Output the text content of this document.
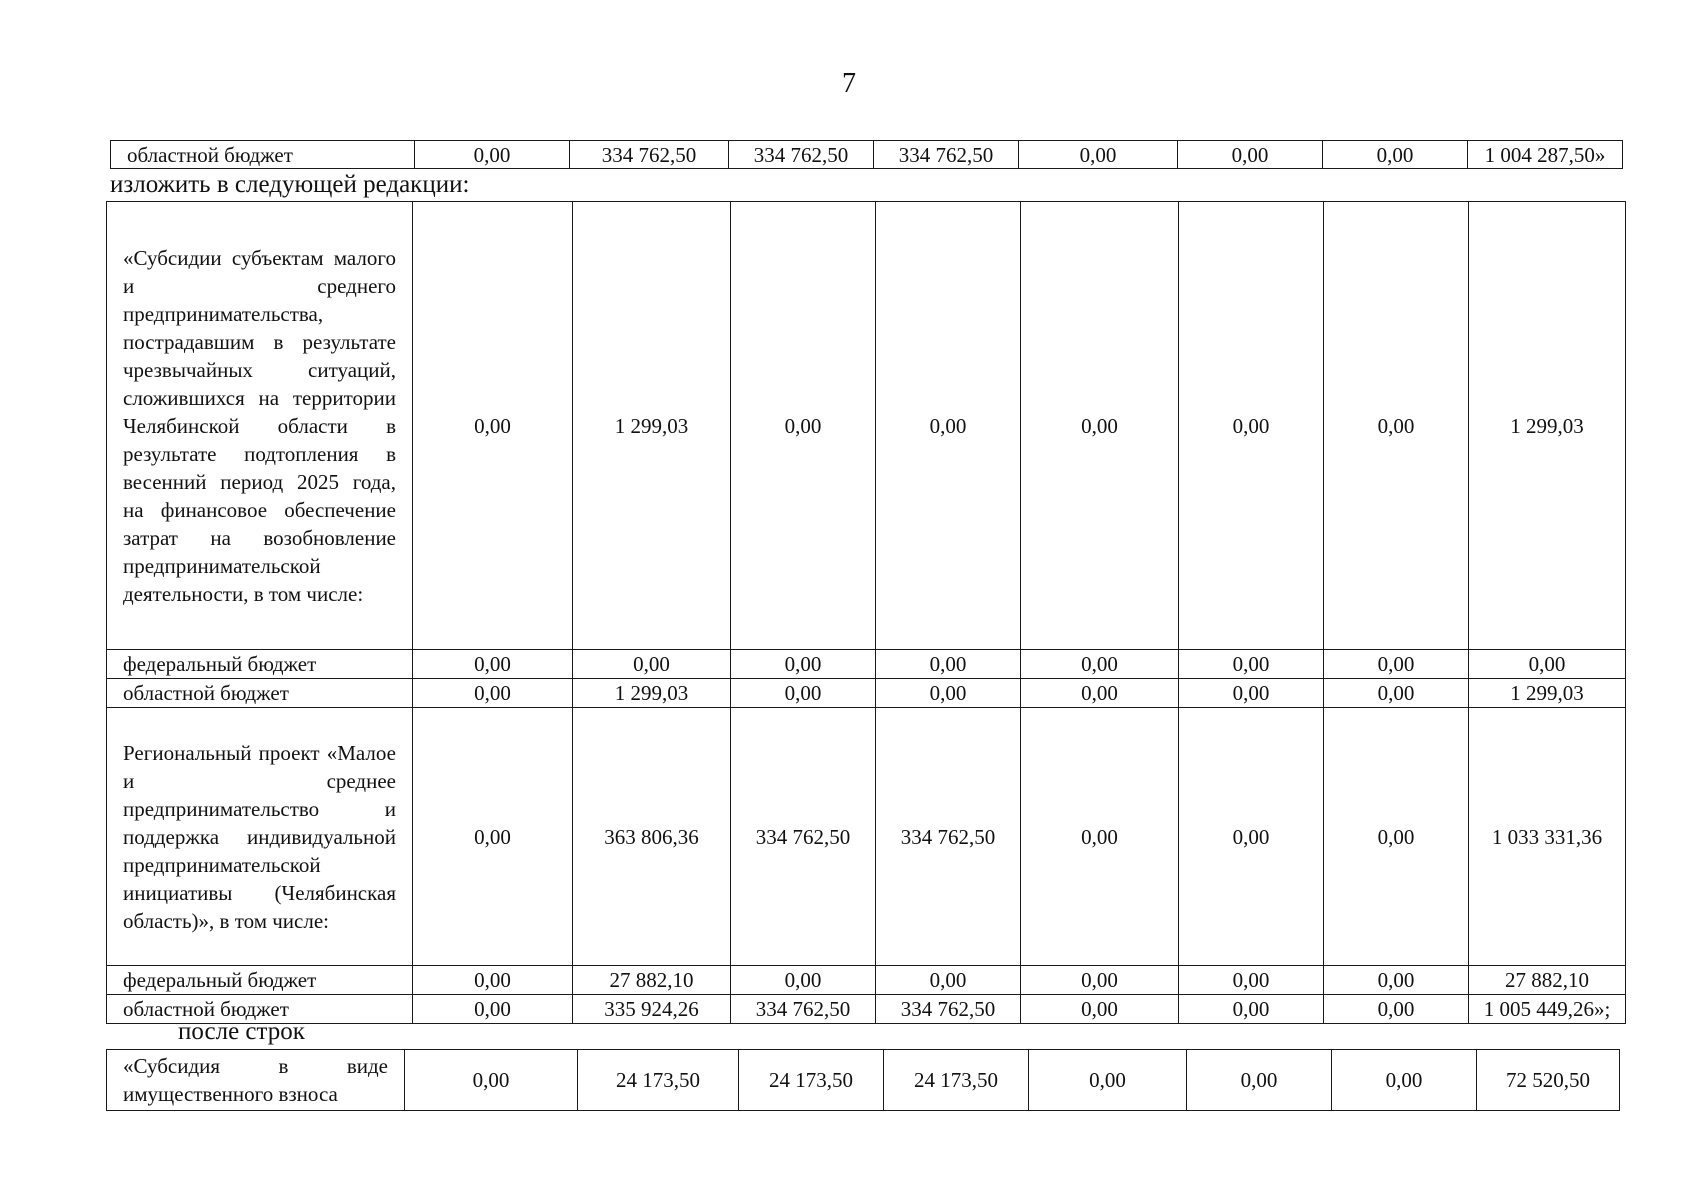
7
областной бюджет	0,00	334 762,50	334 762,50	334 762,50	0,00	0,00	0,00	1 004 287,50»
изложить в следующей редакции:
«Субсидии субъектам малого и среднего предпринимательства, пострадавшим в результате чрезвычайных ситуаций, сложившихся на территории Челябинской области в результате подтопления в весенний период 2025 года, на финансовое обеспечение затрат на возобновление предпринимательской деятельности, в том числе:	0,00	1 299,03	0,00	0,00	0,00	0,00	0,00	1 299,03
федеральный бюджет	0,00	0,00	0,00	0,00	0,00	0,00	0,00	0,00
областной бюджет	0,00	1 299,03	0,00	0,00	0,00	0,00	0,00	1 299,03
Региональный проект «Малое и среднее предпринимательство и поддержка индивидуальной предпринимательской инициативы (Челябинская область)», в том числе:	0,00	363 806,36	334 762,50	334 762,50	0,00	0,00	0,00	1 033 331,36
федеральный бюджет	0,00	27 882,10	0,00	0,00	0,00	0,00	0,00	27 882,10
областной бюджет	0,00	335 924,26	334 762,50	334 762,50	0,00	0,00	0,00	1 005 449,26»;
после строк
«Субсидия в виде имущественного взноса	0,00	24 173,50	24 173,50	24 173,50	0,00	0,00	0,00	72 520,50
